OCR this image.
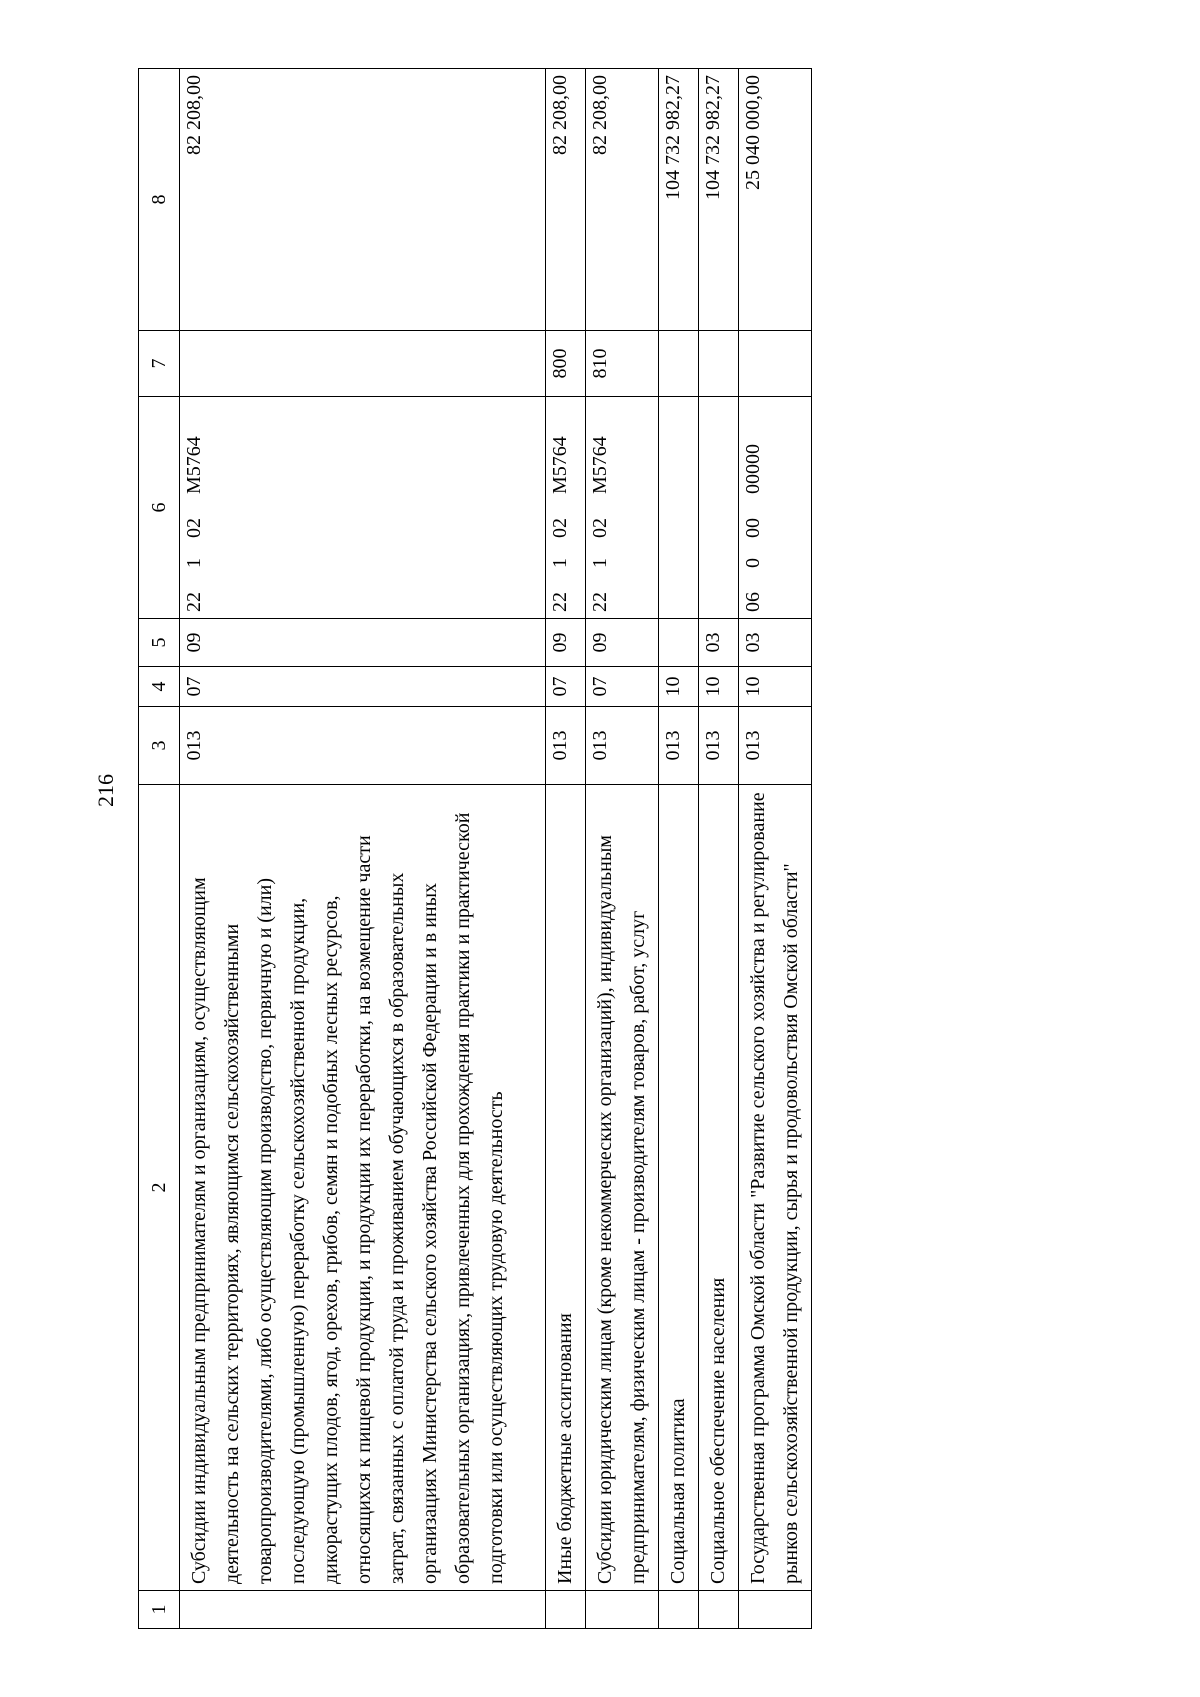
216
1	2	3	4	5	6	7	8
	Субсидии индивидуальным предпринимателям и организациям, осуществляющим деятельность на сельских территориях, являющимся сельскохозяйственными товаропроизводителями, либо осуществляющим производство, первичную и (или) последующую (промышленную) переработку сельскохозяйственной продукции, дикорастущих плодов, ягод, орехов, грибов, семян и подобных лесных ресурсов, относящихся к пищевой продукции, и продукции их переработки, на возмещение части затрат, связанных с оплатой труда и проживанием обучающихся в образовательных организациях Министерства сельского хозяйства Российской Федерации и в иных образовательных организациях, привлеченных для прохождения практики и практической подготовки или осуществляющих трудовую деятельность	013	07	09	22102M5764		82 208,00
	Иные бюджетные ассигнования	013	07	09	22102M5764	800	82 208,00
	Субсидии юридическим лицам (кроме некоммерческих организаций), индивидуальным предпринимателям, физическим лицам - производителям товаров, работ, услуг	013	07	09	22102M5764	810	82 208,00
	Социальная политика	013	10				104 732 982,27
	Социальное обеспечение населения	013	10	03			104 732 982,27
	Государственная программа Омской области "Развитие сельского хозяйства и регулирование рынков сельскохозяйственной продукции, сырья и продовольствия Омской области"	013	10	03	0600000000		25 040 000,00
